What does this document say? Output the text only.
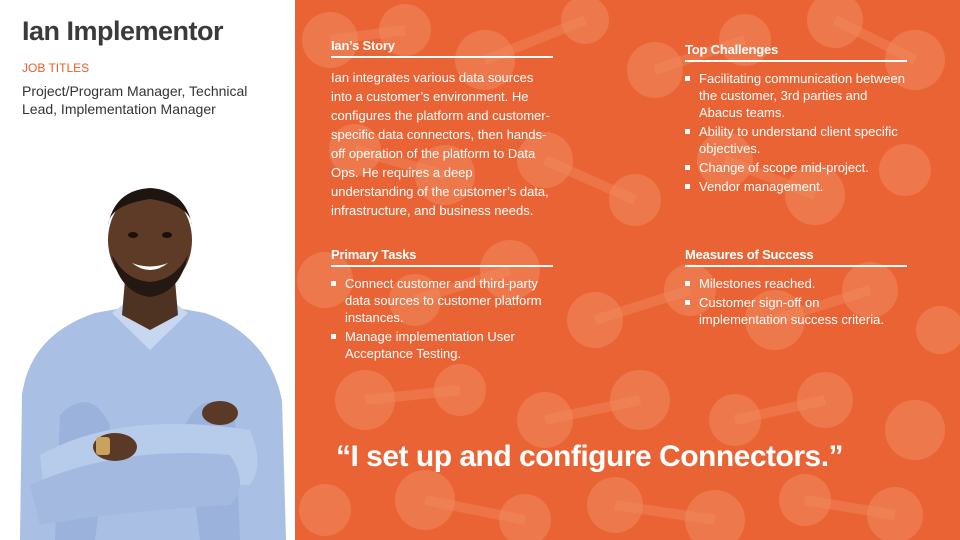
Ian Implementor
JOB TITLES
Project/Program Manager, Technical Lead, Implementation Manager
Ian’s Story

Ian integrates various data sources into a customer’s environment. He configures the platform and customer-specific data connectors, then hands-off operation of the platform to Data Ops. He requires a deep understanding of the customer’s data, infrastructure, and business needs.

Top Challenges
Facilitating communication between the customer, 3rd parties and Abacus teams.
Ability to understand client specific objectives.
Change of scope mid-project.
Vendor management.
Primary Tasks
Connect customer and third-party data sources to customer platform instances.
Manage implementation User Acceptance Testing.
Measures of Success
Milestones reached.
Customer sign-off on implementation success criteria.
“I set up and configure Connectors.”
